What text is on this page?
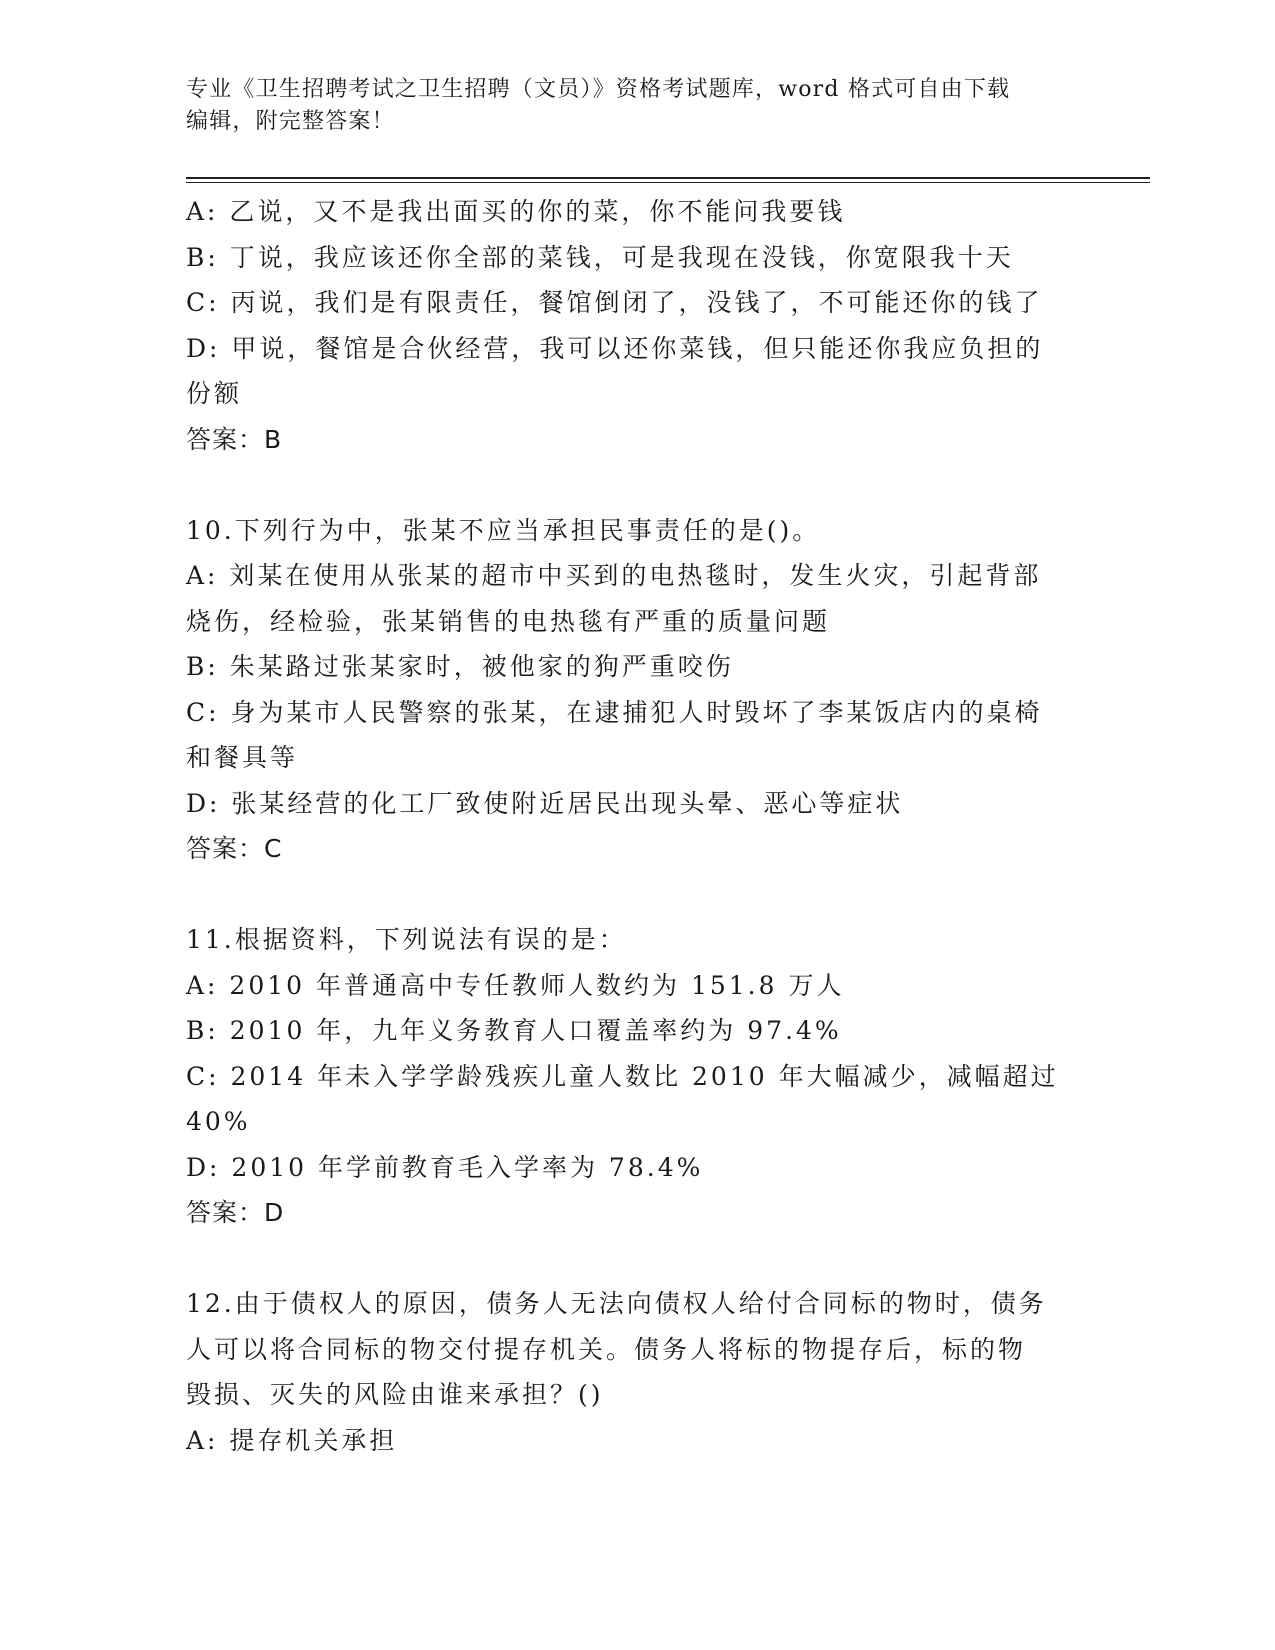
专业《卫生招聘考试之卫生招聘（文员）》资格考试题库，word 格式可自由下载
编辑，附完整答案！
A: 乙说，又不是我出面买的你的菜，你不能问我要钱
B: 丁说，我应该还你全部的菜钱，可是我现在没钱，你宽限我十天
C: 丙说，我们是有限责任，餐馆倒闭了，没钱了，不可能还你的钱了
D: 甲说，餐馆是合伙经营，我可以还你菜钱，但只能还你我应负担的
份额
答案：B
10.下列行为中，张某不应当承担民事责任的是()。
A: 刘某在使用从张某的超市中买到的电热毯时，发生火灾，引起背部
烧伤，经检验，张某销售的电热毯有严重的质量问题
B: 朱某路过张某家时，被他家的狗严重咬伤
C: 身为某市人民警察的张某，在逮捕犯人时毁坏了李某饭店内的桌椅
和餐具等
D: 张某经营的化工厂致使附近居民出现头晕、恶心等症状
答案：C
11.根据资料，下列说法有误的是：
A: 2010 年普通高中专任教师人数约为 151.8 万人
B: 2010 年，九年义务教育人口覆盖率约为 97.4%
C: 2014 年未入学学龄残疾儿童人数比 2010 年大幅减少，减幅超过
40%
D: 2010 年学前教育毛入学率为 78.4%
答案：D
12.由于债权人的原因，债务人无法向债权人给付合同标的物时，债务
人可以将合同标的物交付提存机关。债务人将标的物提存后，标的物
毁损、灭失的风险由谁来承担？()
A: 提存机关承担
